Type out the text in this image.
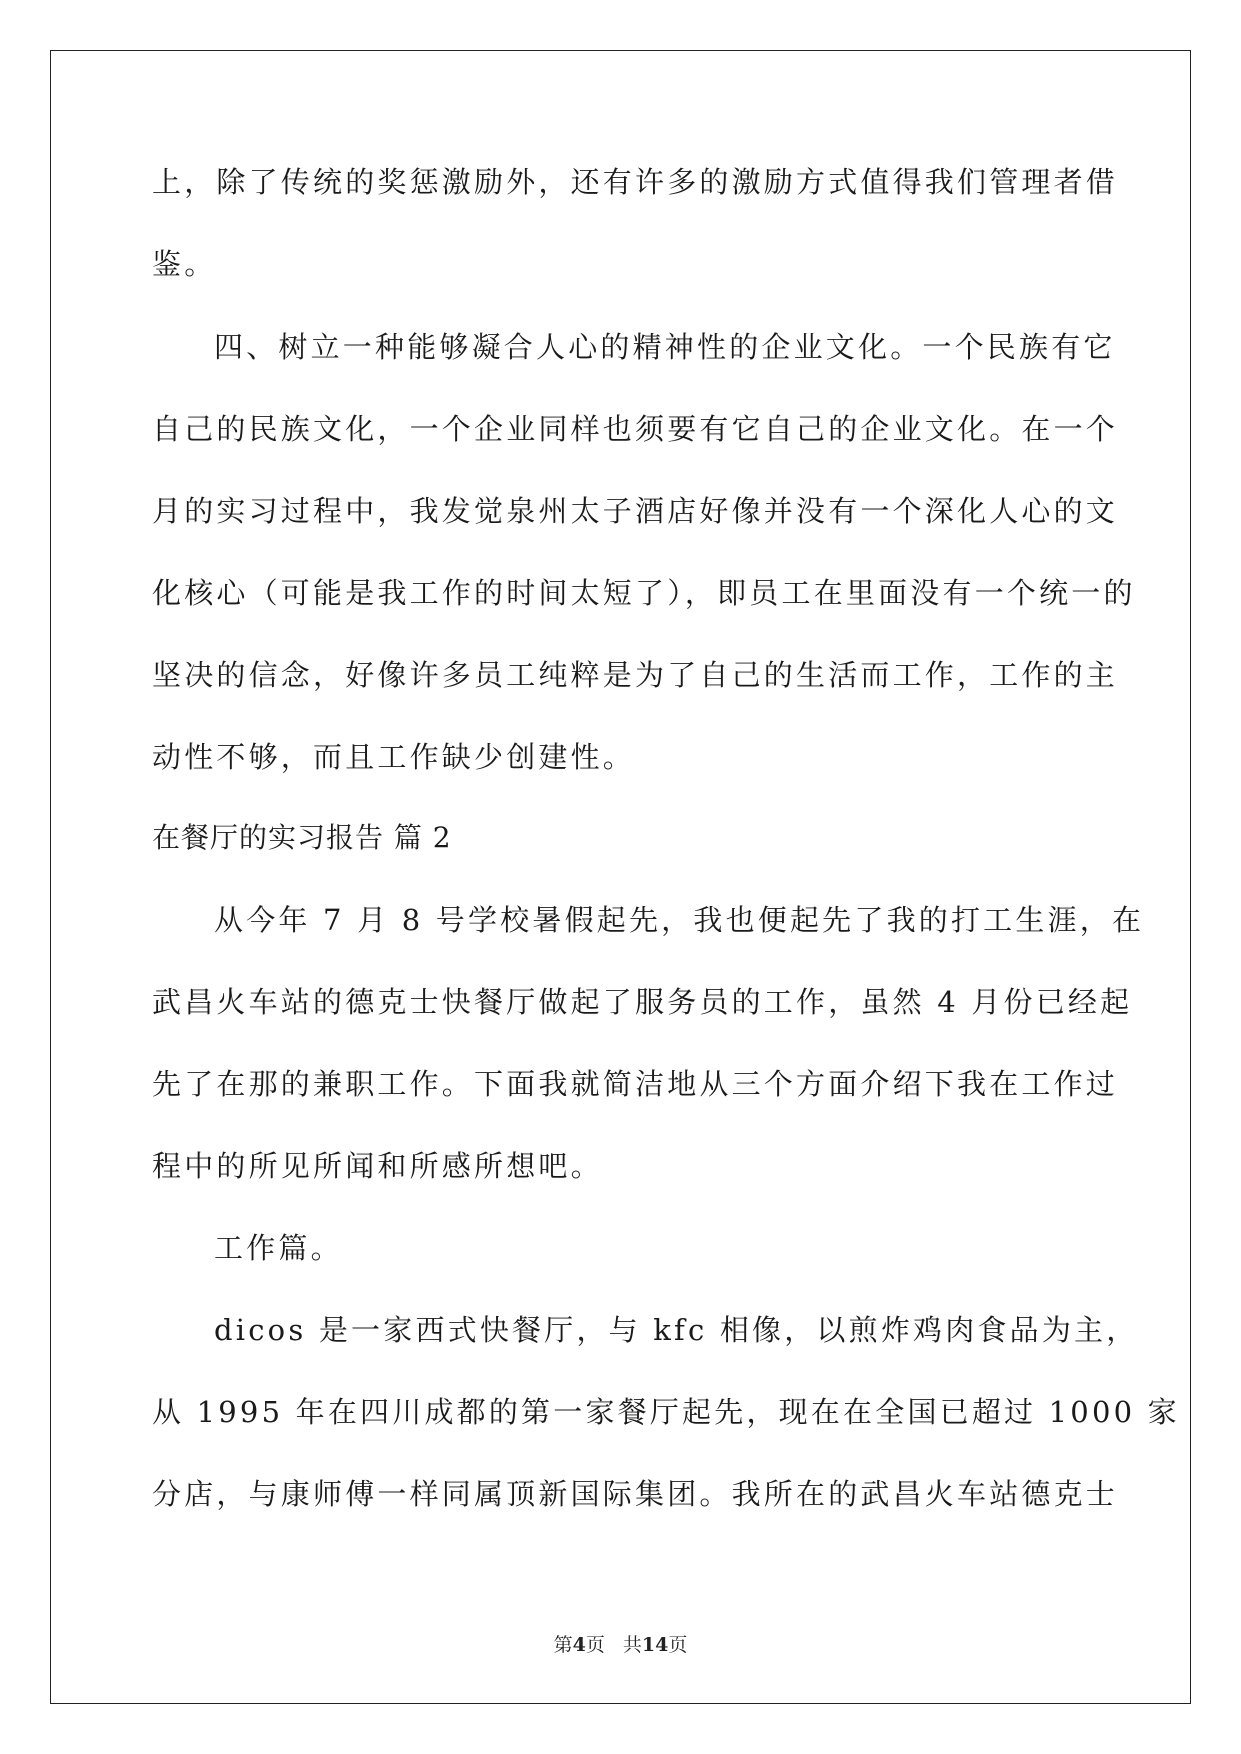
上，除了传统的奖惩激励外，还有许多的激励方式值得我们管理者借
鉴。
四、树立一种能够凝合人心的精神性的企业文化。一个民族有它
自己的民族文化，一个企业同样也须要有它自己的企业文化。在一个
月的实习过程中，我发觉泉州太子酒店好像并没有一个深化人心的文
化核心（可能是我工作的时间太短了），即员工在里面没有一个统一的
坚决的信念，好像许多员工纯粹是为了自己的生活而工作，工作的主
动性不够，而且工作缺少创建性。
在餐厅的实习报告 篇 2
从今年 7 月 8 号学校暑假起先，我也便起先了我的打工生涯，在
武昌火车站的德克士快餐厅做起了服务员的工作，虽然 4 月份已经起
先了在那的兼职工作。下面我就简洁地从三个方面介绍下我在工作过
程中的所见所闻和所感所想吧。
工作篇。
dicos 是一家西式快餐厅，与 kfc 相像，以煎炸鸡肉食品为主，
从 1995 年在四川成都的第一家餐厅起先，现在在全国已超过 1000 家
分店，与康师傅一样同属顶新国际集团。我所在的武昌火车站德克士
第4页 共14页
